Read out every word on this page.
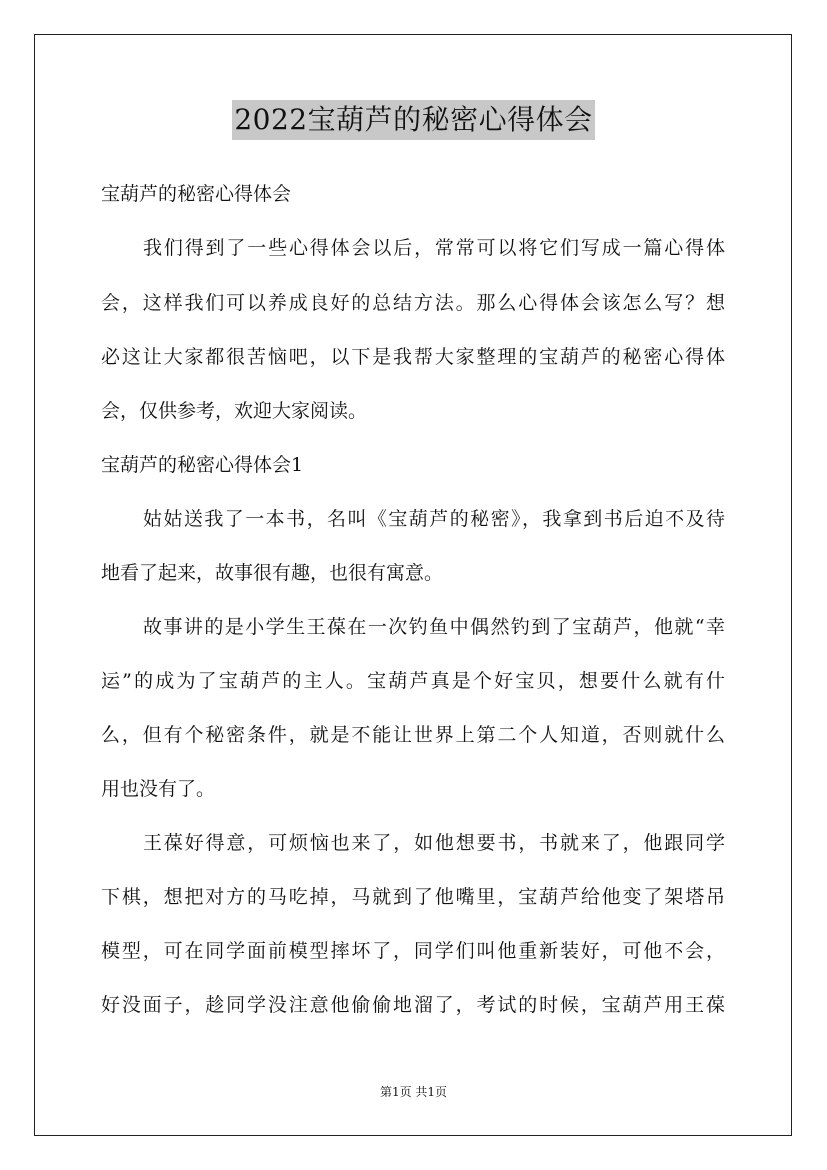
2022宝葫芦的秘密心得体会
宝葫芦的秘密心得体会
我们得到了一些心得体会以后，常常可以将它们写成一篇心得体
会，这样我们可以养成良好的总结方法。那么心得体会该怎么写？想
必这让大家都很苦恼吧，以下是我帮大家整理的宝葫芦的秘密心得体
会，仅供参考，欢迎大家阅读。
宝葫芦的秘密心得体会1
姑姑送我了一本书，名叫《宝葫芦的秘密》，我拿到书后迫不及待
地看了起来，故事很有趣，也很有寓意。
故事讲的是小学生王葆在一次钓鱼中偶然钓到了宝葫芦，他就“幸
运”的成为了宝葫芦的主人。宝葫芦真是个好宝贝，想要什么就有什
么，但有个秘密条件，就是不能让世界上第二个人知道，否则就什么
用也没有了。
王葆好得意，可烦恼也来了，如他想要书，书就来了，他跟同学
下棋，想把对方的马吃掉，马就到了他嘴里，宝葫芦给他变了架塔吊
模型，可在同学面前模型摔坏了，同学们叫他重新装好，可他不会，
好没面子，趁同学没注意他偷偷地溜了，考试的时候，宝葫芦用王葆
第1页 共1页
